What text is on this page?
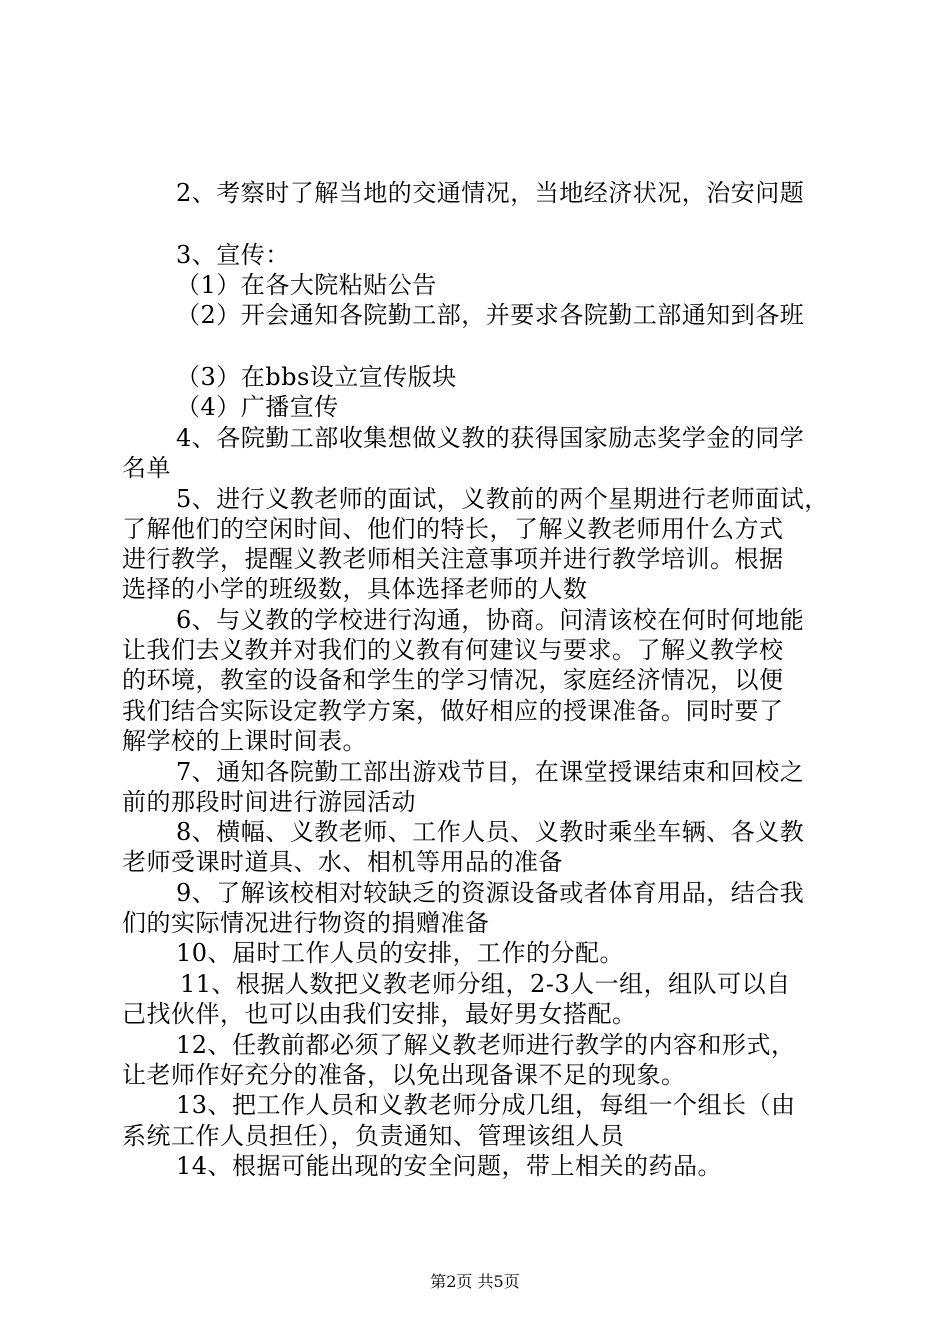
2、考察时了解当地的交通情况，当地经济状况，治安问题
3、宣传：
（1）在各大院粘贴公告
（2）开会通知各院勤工部，并要求各院勤工部通知到各班
（3）在bbs设立宣传版块
（4）广播宣传
4、各院勤工部收集想做义教的获得国家励志奖学金的同学
名单
5、进行义教老师的面试，义教前的两个星期进行老师面试，
了解他们的空闲时间、他们的特长，了解义教老师用什么方式
进行教学，提醒义教老师相关注意事项并进行教学培训。根据
选择的小学的班级数，具体选择老师的人数
6、与义教的学校进行沟通，协商。问清该校在何时何地能
让我们去义教并对我们的义教有何建议与要求。了解义教学校
的环境，教室的设备和学生的学习情况，家庭经济情况，以便
我们结合实际设定教学方案，做好相应的授课准备。同时要了
解学校的上课时间表。
7、通知各院勤工部出游戏节目，在课堂授课结束和回校之
前的那段时间进行游园活动
8、横幅、义教老师、工作人员、义教时乘坐车辆、各义教
老师受课时道具、水、相机等用品的准备
9、了解该校相对较缺乏的资源设备或者体育用品，结合我
们的实际情况进行物资的捐赠准备
10、届时工作人员的安排，工作的分配。
11、根据人数把义教老师分组，2-3人一组，组队可以自
己找伙伴，也可以由我们安排，最好男女搭配。
12、任教前都必须了解义教老师进行教学的内容和形式，
让老师作好充分的准备，以免出现备课不足的现象。
13、把工作人员和义教老师分成几组，每组一个组长（由
系统工作人员担任），负责通知、管理该组人员
14、根据可能出现的安全问题，带上相关的药品。
第2页 共5页
